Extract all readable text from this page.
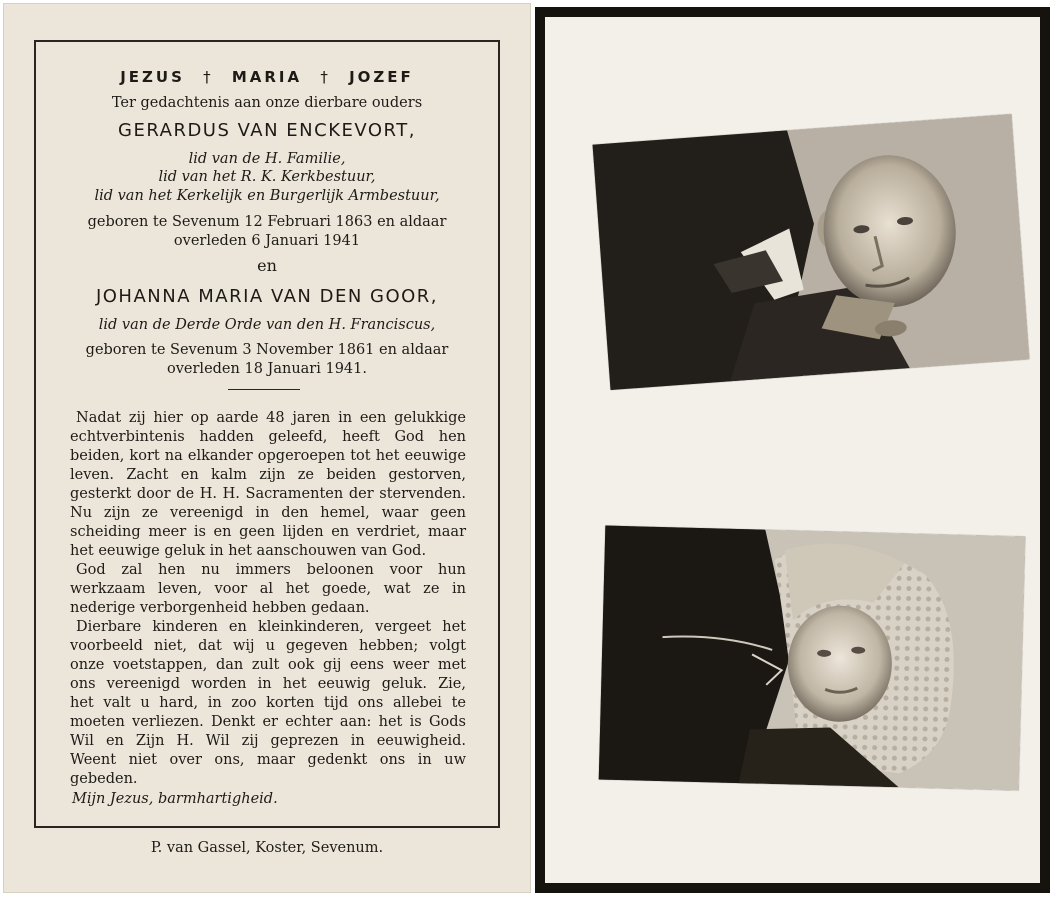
JEZUS † MARIA † JOZEF
Ter gedachtenis aan onze dierbare ouders
GERARDUS VAN ENCKEVORT,
lid van de H. Familie,
lid van het R. K. Kerkbestuur,
lid van het Kerkelijk en Burgerlijk Armbestuur,
geboren te Sevenum 12 Februari 1863 en aldaar
overleden 6 Januari 1941
en
JOHANNA MARIA VAN DEN GOOR,
lid van de Derde Orde van den H. Franciscus,
geboren te Sevenum 3 November 1861 en aldaar
overleden 18 Januari 1941.
Nadat zij hier op aarde 48 jaren in een gelukkige
echtverbintenis hadden geleefd, heeft God hen
beiden, kort na elkander opgeroepen tot het eeuwige
leven. Zacht en kalm zijn ze beiden gestorven,
gesterkt door de H. H. Sacramenten der stervenden.
Nu zijn ze vereenigd in den hemel, waar geen
scheiding meer is en geen lijden en verdriet, maar
het eeuwige geluk in het aanschouwen van God.
God zal hen nu immers beloonen voor hun
werkzaam leven, voor al het goede, wat ze in
nederige verborgenheid hebben gedaan.
Dierbare kinderen en kleinkinderen, vergeet het
voorbeeld niet, dat wij u gegeven hebben; volgt
onze voetstappen, dan zult ook gij eens weer met
ons vereenigd worden in het eeuwig geluk. Zie,
het valt u hard, in zoo korten tijd ons allebei te
moeten verliezen. Denkt er echter aan: het is Gods
Wil en Zijn H. Wil zij geprezen in eeuwigheid.
Weent niet over ons, maar gedenkt ons in uw
gebeden.
Mijn Jezus, barmhartigheid.
P. van Gassel, Koster, Sevenum.
